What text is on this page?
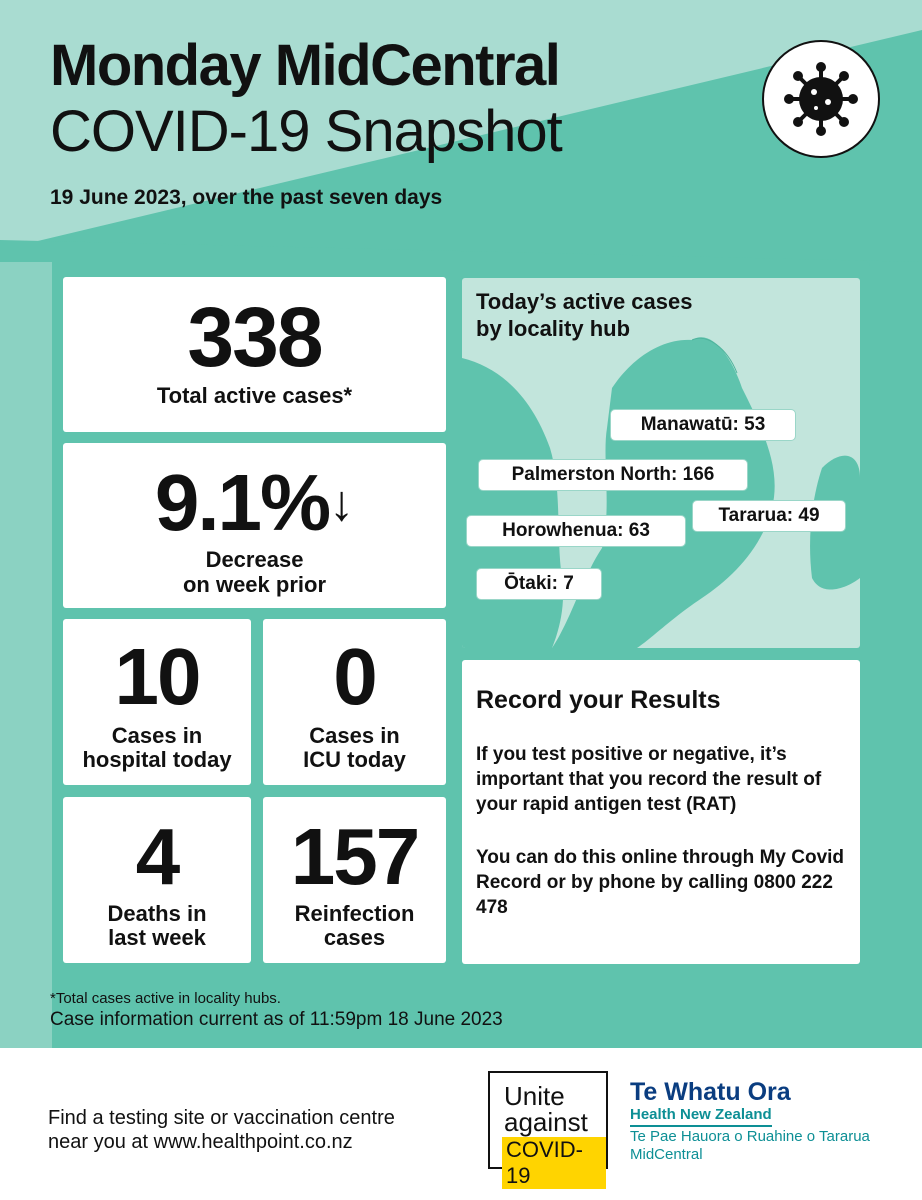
Monday MidCentral
COVID-19 Snapshot
19 June 2023, over the past seven days
338
Total active cases*
9.1%↓
Decrease
on week prior
10
Cases in
hospital today
0
Cases in
ICU today
4
Deaths in
last week
157
Reinfection
cases
Today’s active cases
by locality hub
Manawatū: 53
Palmerston North: 166
Tararua: 49
Horowhenua: 63
Ōtaki: 7
Record your Results

If you test positive or negative, it’s important that you record the result of your rapid antigen test (RAT)

You can do this online through My Covid Record or by phone by calling 0800 222 478

*Total cases active in locality hubs.
Case information current as of 11:59pm 18 June 2023
Find a testing site or vaccination centre
near you at www.healthpoint.co.nz
Unite
against
COVID-19
Te Whatu Ora
Health New Zealand
Te Pae Hauora o Ruahine o Tararua
MidCentral
